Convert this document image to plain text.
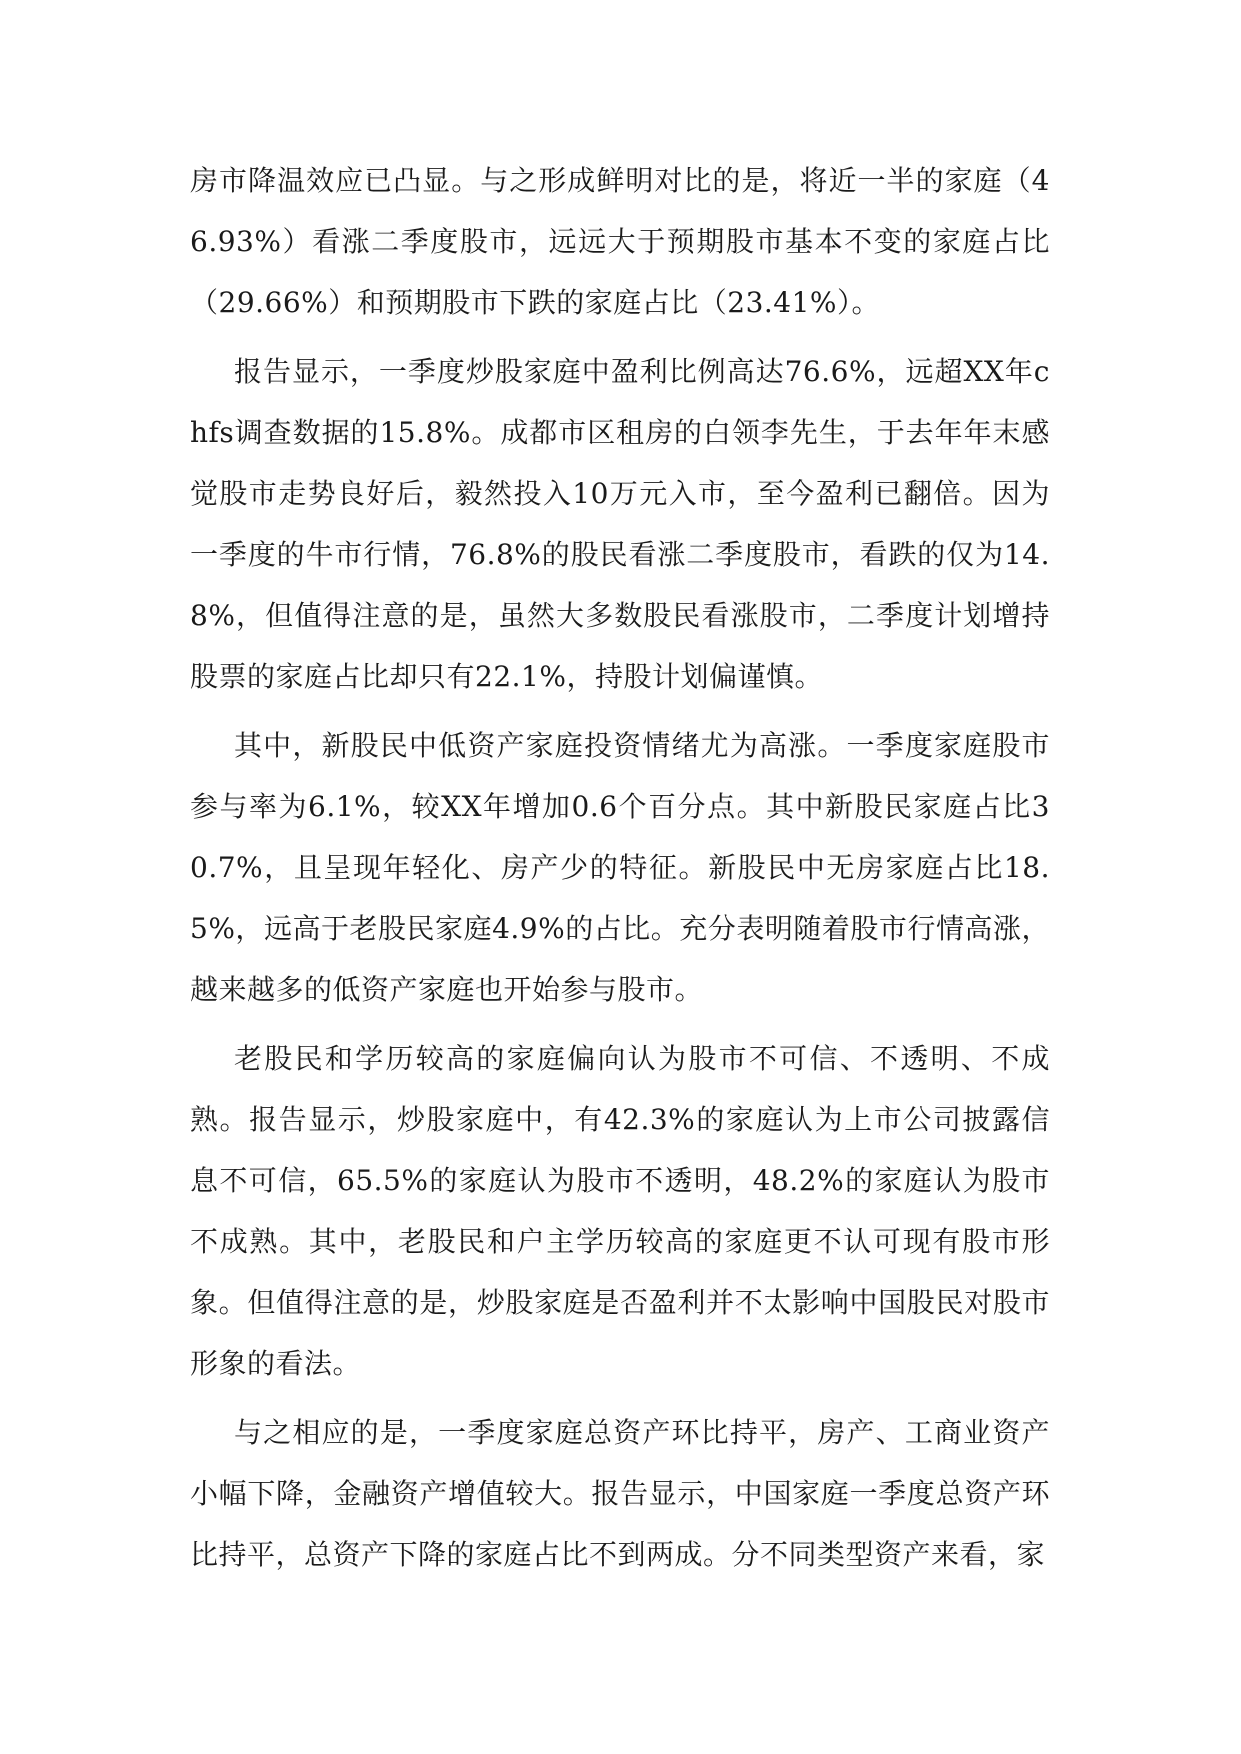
房市降温效应已凸显。与之形成鲜明对比的是，将近一半的家庭（46.93%）看涨二季度股市，远远大于预期股市基本不变的家庭占比（29.66%）和预期股市下跌的家庭占比（23.41%）。

报告显示，一季度炒股家庭中盈利比例高达76.6%，远超XX年chfs调查数据的15.8%。成都市区租房的白领李先生，于去年年末感觉股市走势良好后，毅然投入10万元入市，至今盈利已翻倍。因为一季度的牛市行情，76.8%的股民看涨二季度股市，看跌的仅为14.8%，但值得注意的是，虽然大多数股民看涨股市，二季度计划增持股票的家庭占比却只有22.1%，持股计划偏谨慎。

其中，新股民中低资产家庭投资情绪尤为高涨。一季度家庭股市参与率为6.1%，较XX年增加0.6个百分点。其中新股民家庭占比30.7%，且呈现年轻化、房产少的特征。新股民中无房家庭占比18.5%，远高于老股民家庭4.9%的占比。充分表明随着股市行情高涨，越来越多的低资产家庭也开始参与股市。

老股民和学历较高的家庭偏向认为股市不可信、不透明、不成熟。报告显示，炒股家庭中，有42.3%的家庭认为上市公司披露信息不可信，65.5%的家庭认为股市不透明，48.2%的家庭认为股市不成熟。其中，老股民和户主学历较高的家庭更不认可现有股市形象。但值得注意的是，炒股家庭是否盈利并不太影响中国股民对股市形象的看法。

与之相应的是，一季度家庭总资产环比持平，房产、工商业资产小幅下降，金融资产增值较大。报告显示，中国家庭一季度总资产环比持平，总资产下降的家庭占比不到两成。分不同类型资产来看，家
